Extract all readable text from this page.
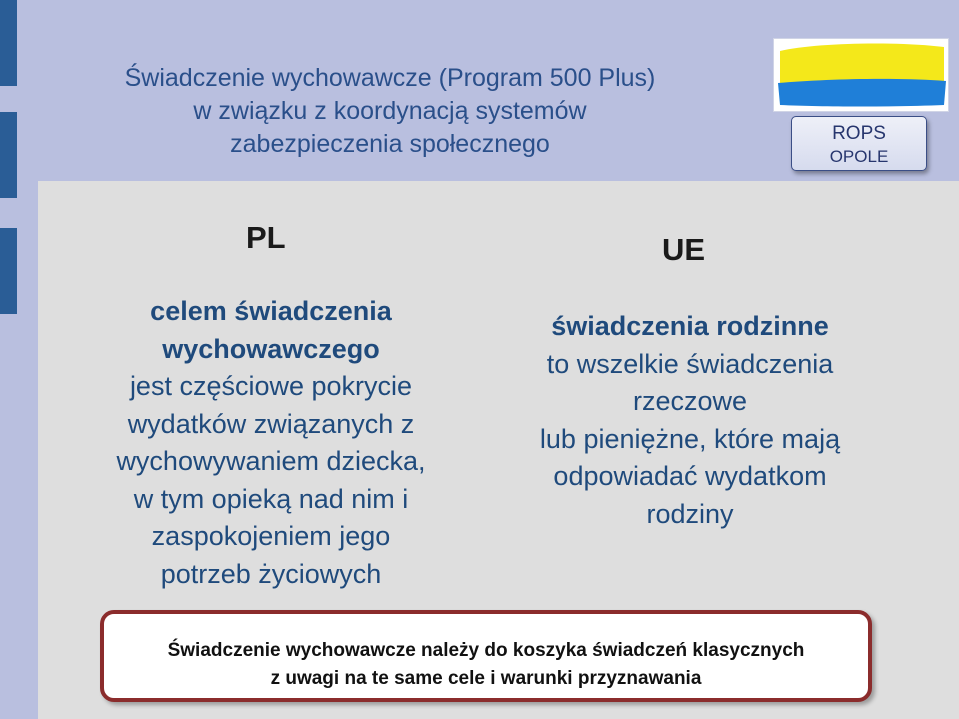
Świadczenie wychowawcze (Program 500 Plus)
w związku z koordynacją systemów
zabezpieczenia społecznego	ROPS
OPOLE
PL	UE
celem świadczenia
wychowawczego
jest częściowe pokrycie
wydatków związanych z
wychowywaniem dziecka,
w tym opieką nad nim i
zaspokojeniem jego
potrzeb życiowych
świadczenia rodzinne
to wszelkie świadczenia
rzeczowe
lub pieniężne, które mają
odpowiadać wydatkom
rodziny
Świadczenie wychowawcze należy do koszyka świadczeń klasycznych
z uwagi na te same cele i warunki przyznawania
